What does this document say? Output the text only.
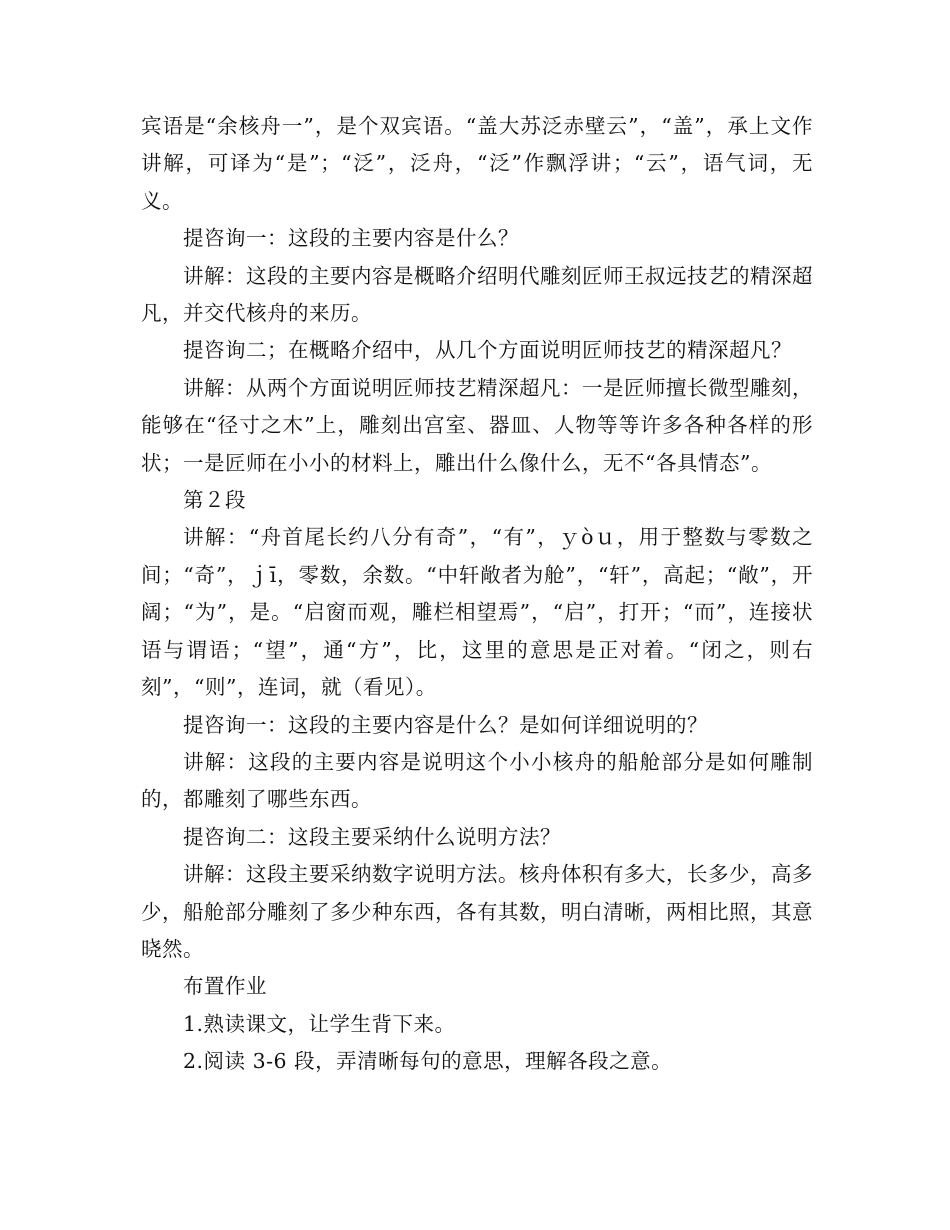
宾语是“余核舟一”，是个双宾语。“盖大苏泛赤壁云”，“盖”，承上文作讲解，可译为“是”；“泛”，泛舟，“泛”作飘浮讲；“云”，语气词，无义。

提咨询一：这段的主要内容是什么？

讲解：这段的主要内容是概略介绍明代雕刻匠师王叔远技艺的精深超凡，并交代核舟的来历。

提咨询二；在概略介绍中，从几个方面说明匠师技艺的精深超凡？

讲解：从两个方面说明匠师技艺精深超凡：一是匠师擅长微型雕刻，能够在“径寸之木”上，雕刻出宫室、器皿、人物等等许多各种各样的形状；一是匠师在小小的材料上，雕出什么像什么，无不“各具情态”。

第２段

讲解：“舟首尾长约八分有奇”，“有”，ｙòｕ，用于整数与零数之间；“奇”，ｊī，零数，余数。“中轩敞者为舱”，“轩”，高起；“敞”，开阔；“为”，是。“启窗而观，雕栏相望焉”，“启”，打开；“而”，连接状语与谓语；“望”，通“方”，比，这里的意思是正对着。“闭之，则右刻”，“则”，连词，就（看见）。

提咨询一：这段的主要内容是什么？是如何详细说明的？

讲解：这段的主要内容是说明这个小小核舟的船舱部分是如何雕制的，都雕刻了哪些东西。

提咨询二：这段主要采纳什么说明方法？

讲解：这段主要采纳数字说明方法。核舟体积有多大，长多少，高多少，船舱部分雕刻了多少种东西，各有其数，明白清晰，两相比照，其意晓然。

布置作业

1.熟读课文，让学生背下来。

2.阅读 3-6 段，弄清晰每句的意思，理解各段之意。
